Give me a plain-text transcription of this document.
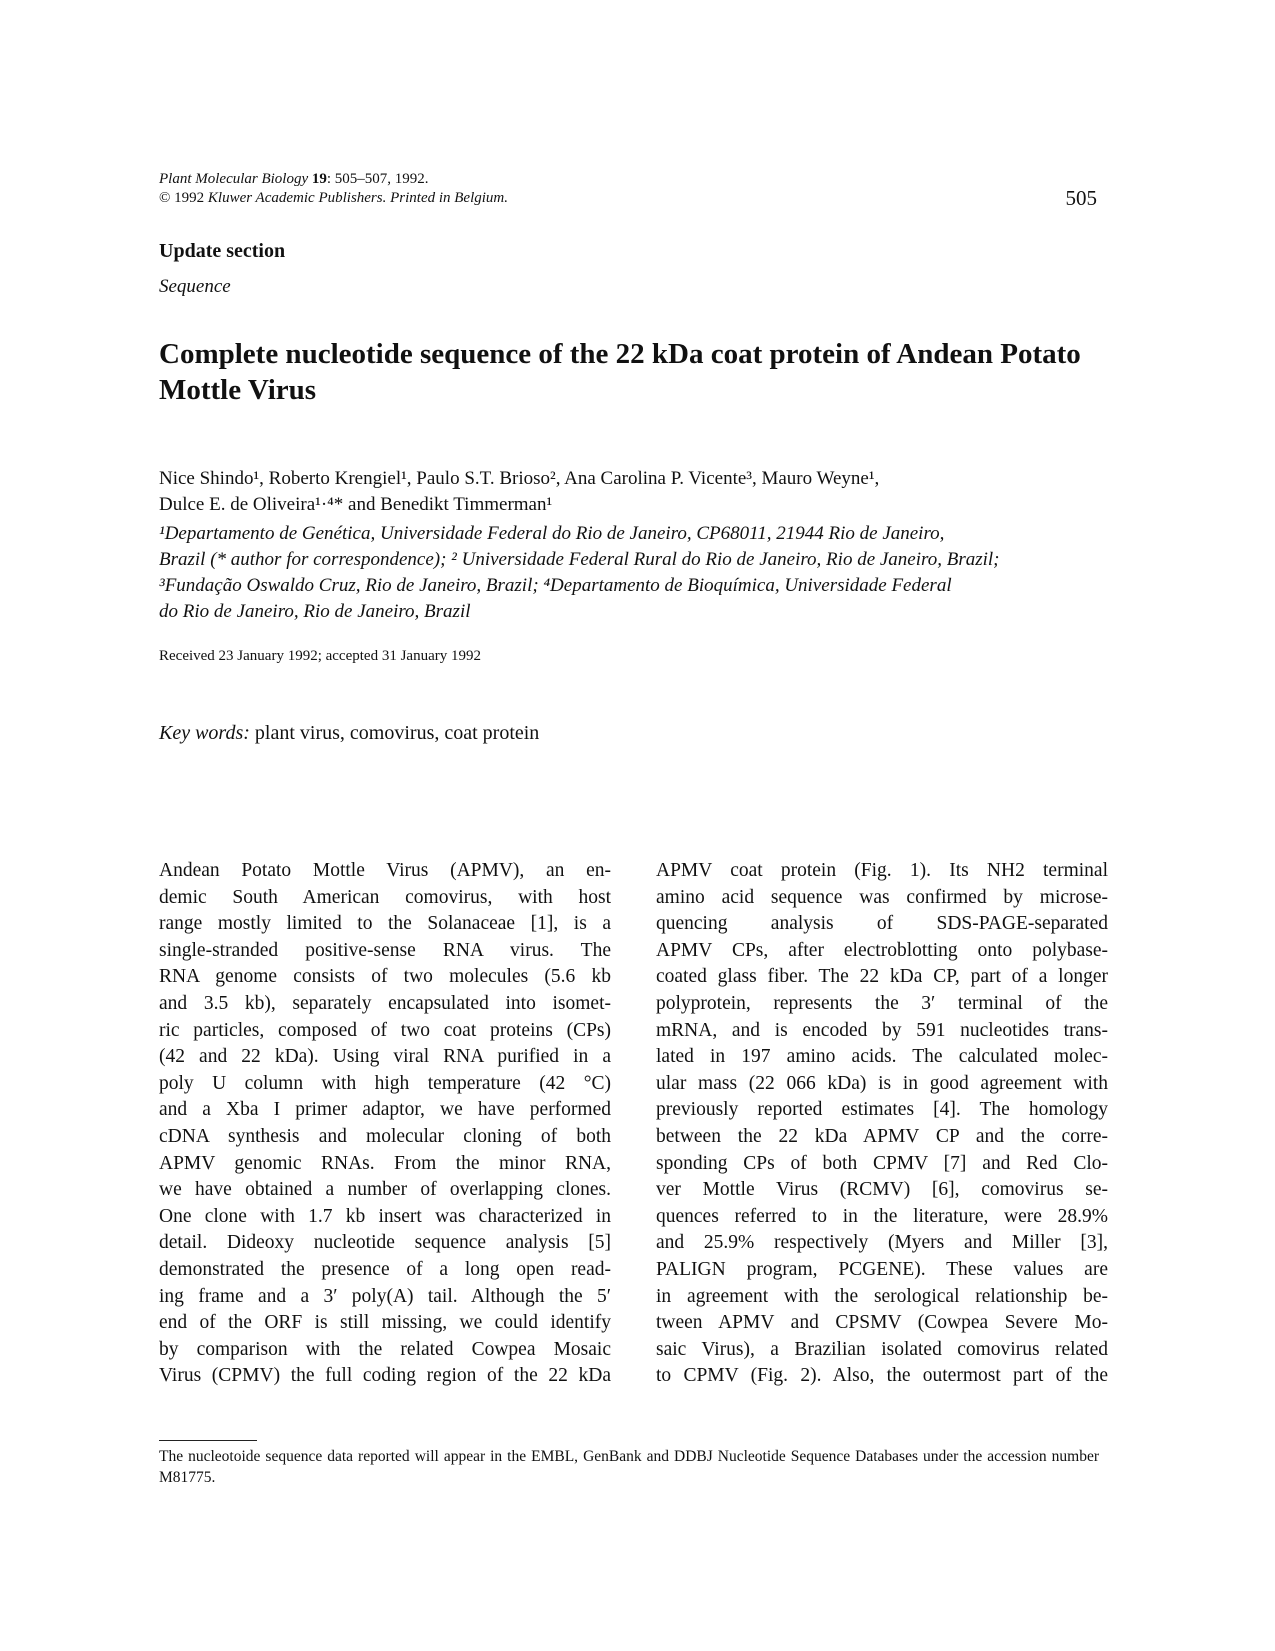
Plant Molecular Biology 19: 505–507, 1992.
© 1992 Kluwer Academic Publishers. Printed in Belgium.	505
Update section
Sequence
Complete nucleotide sequence of the 22 kDa coat protein of Andean Potato Mottle Virus
Nice Shindo¹, Roberto Krengiel¹, Paulo S.T. Brioso², Ana Carolina P. Vicente³, Mauro Weyne¹,
Dulce E. de Oliveira¹·⁴* and Benedikt Timmerman¹
¹Departamento de Genética, Universidade Federal do Rio de Janeiro, CP68011, 21944 Rio de Janeiro,
Brazil (* author for correspondence); ² Universidade Federal Rural do Rio de Janeiro, Rio de Janeiro, Brazil;
³Fundação Oswaldo Cruz, Rio de Janeiro, Brazil; ⁴Departamento de Bioquímica, Universidade Federal
do Rio de Janeiro, Rio de Janeiro, Brazil
Received 23 January 1992; accepted 31 January 1992
Key words: plant virus, comovirus, coat protein
Andean Potato Mottle Virus (APMV), an en-
demic South American comovirus, with host
range mostly limited to the Solanaceae [1], is a
single-stranded positive-sense RNA virus. The
RNA genome consists of two molecules (5.6 kb
and 3.5 kb), separately encapsulated into isomet-
ric particles, composed of two coat proteins (CPs)
(42 and 22 kDa). Using viral RNA purified in a
poly U column with high temperature (42 °C)
and a Xba I primer adaptor, we have performed
cDNA synthesis and molecular cloning of both
APMV genomic RNAs. From the minor RNA,
we have obtained a number of overlapping clones.
One clone with 1.7 kb insert was characterized in
detail. Dideoxy nucleotide sequence analysis [5]
demonstrated the presence of a long open read-
ing frame and a 3′ poly(A) tail. Although the 5′
end of the ORF is still missing, we could identify
by comparison with the related Cowpea Mosaic
Virus (CPMV) the full coding region of the 22 kDa
APMV coat protein (Fig. 1). Its NH2 terminal
amino acid sequence was confirmed by microse-
quencing analysis of SDS-PAGE-separated
APMV CPs, after electroblotting onto polybase-
coated glass fiber. The 22 kDa CP, part of a longer
polyprotein, represents the 3′ terminal of the
mRNA, and is encoded by 591 nucleotides trans-
lated in 197 amino acids. The calculated molec-
ular mass (22 066 kDa) is in good agreement with
previously reported estimates [4]. The homology
between the 22 kDa APMV CP and the corre-
sponding CPs of both CPMV [7] and Red Clo-
ver Mottle Virus (RCMV) [6], comovirus se-
quences referred to in the literature, were 28.9%
and 25.9% respectively (Myers and Miller [3],
PALIGN program, PCGENE). These values are
in agreement with the serological relationship be-
tween APMV and CPSMV (Cowpea Severe Mo-
saic Virus), a Brazilian isolated comovirus related
to CPMV (Fig. 2). Also, the outermost part of the
The nucleotoide sequence data reported will appear in the EMBL, GenBank and DDBJ Nucleotide Sequence Databases under the accession number M81775.
